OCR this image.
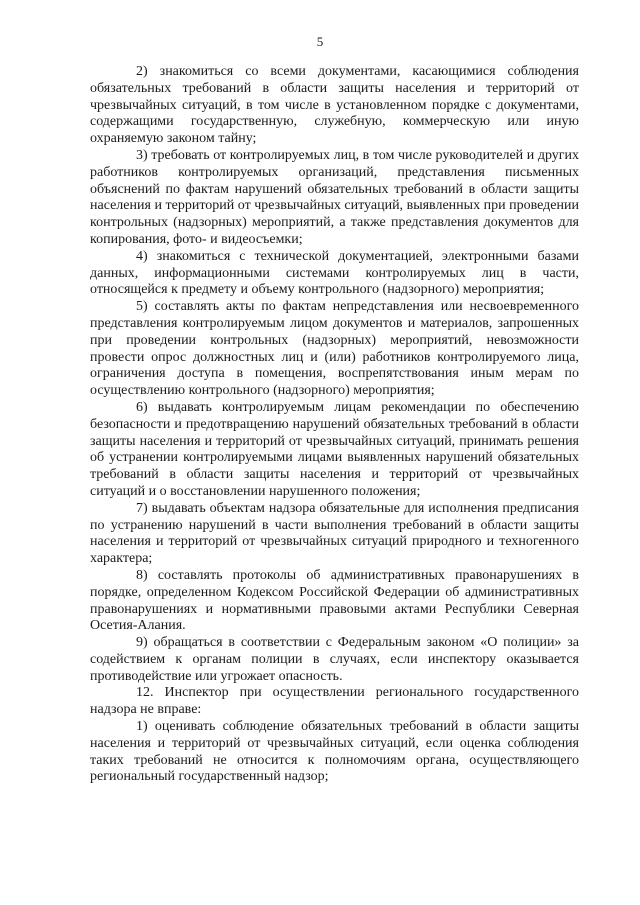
5

2) знакомиться со всеми документами, касающимися соблюдения обязательных требований в области защиты населения и территорий от чрезвычайных ситуаций, в том числе в установленном порядке с документами, содержащими государственную, служебную, коммерческую или иную охраняемую законом тайну;

3) требовать от контролируемых лиц, в том числе руководителей и других работников контролируемых организаций, представления письменных объяснений по фактам нарушений обязательных требований в области защиты населения и территорий от чрезвычайных ситуаций, выявленных при проведении контрольных (надзорных) мероприятий, а также представления документов для копирования, фото- и видеосъемки;

4) знакомиться с технической документацией, электронными базами данных, информационными системами контролируемых лиц в части, относящейся к предмету и объему контрольного (надзорного) мероприятия;

5) составлять акты по фактам непредставления или несвоевременного представления контролируемым лицом документов и материалов, запрошенных при проведении контрольных (надзорных) мероприятий, невозможности провести опрос должностных лиц и (или) работников контролируемого лица, ограничения доступа в помещения, воспрепятствования иным мерам по осуществлению контрольного (надзорного) мероприятия;

6) выдавать контролируемым лицам рекомендации по обеспечению безопасности и предотвращению нарушений обязательных требований в области защиты населения и территорий от чрезвычайных ситуаций, принимать решения об устранении контролируемыми лицами выявленных нарушений обязательных требований в области защиты населения и территорий от чрезвычайных ситуаций и о восстановлении нарушенного положения;

7) выдавать объектам надзора обязательные для исполнения предписания по устранению нарушений в части выполнения требований в области защиты населения и территорий от чрезвычайных ситуаций природного и техногенного характера;

8) составлять протоколы об административных правонарушениях в порядке, определенном Кодексом Российской Федерации об административных правонарушениях и нормативными правовыми актами Республики Северная Осетия-Алания.

9) обращаться в соответствии с Федеральным законом «О полиции» за содействием к органам полиции в случаях, если инспектору оказывается противодействие или угрожает опасность.

12. Инспектор при осуществлении регионального государственного надзора не вправе:

1) оценивать соблюдение обязательных требований в области защиты населения и территорий от чрезвычайных ситуаций, если оценка соблюдения таких требований не относится к полномочиям органа, осуществляющего региональный государственный надзор;
